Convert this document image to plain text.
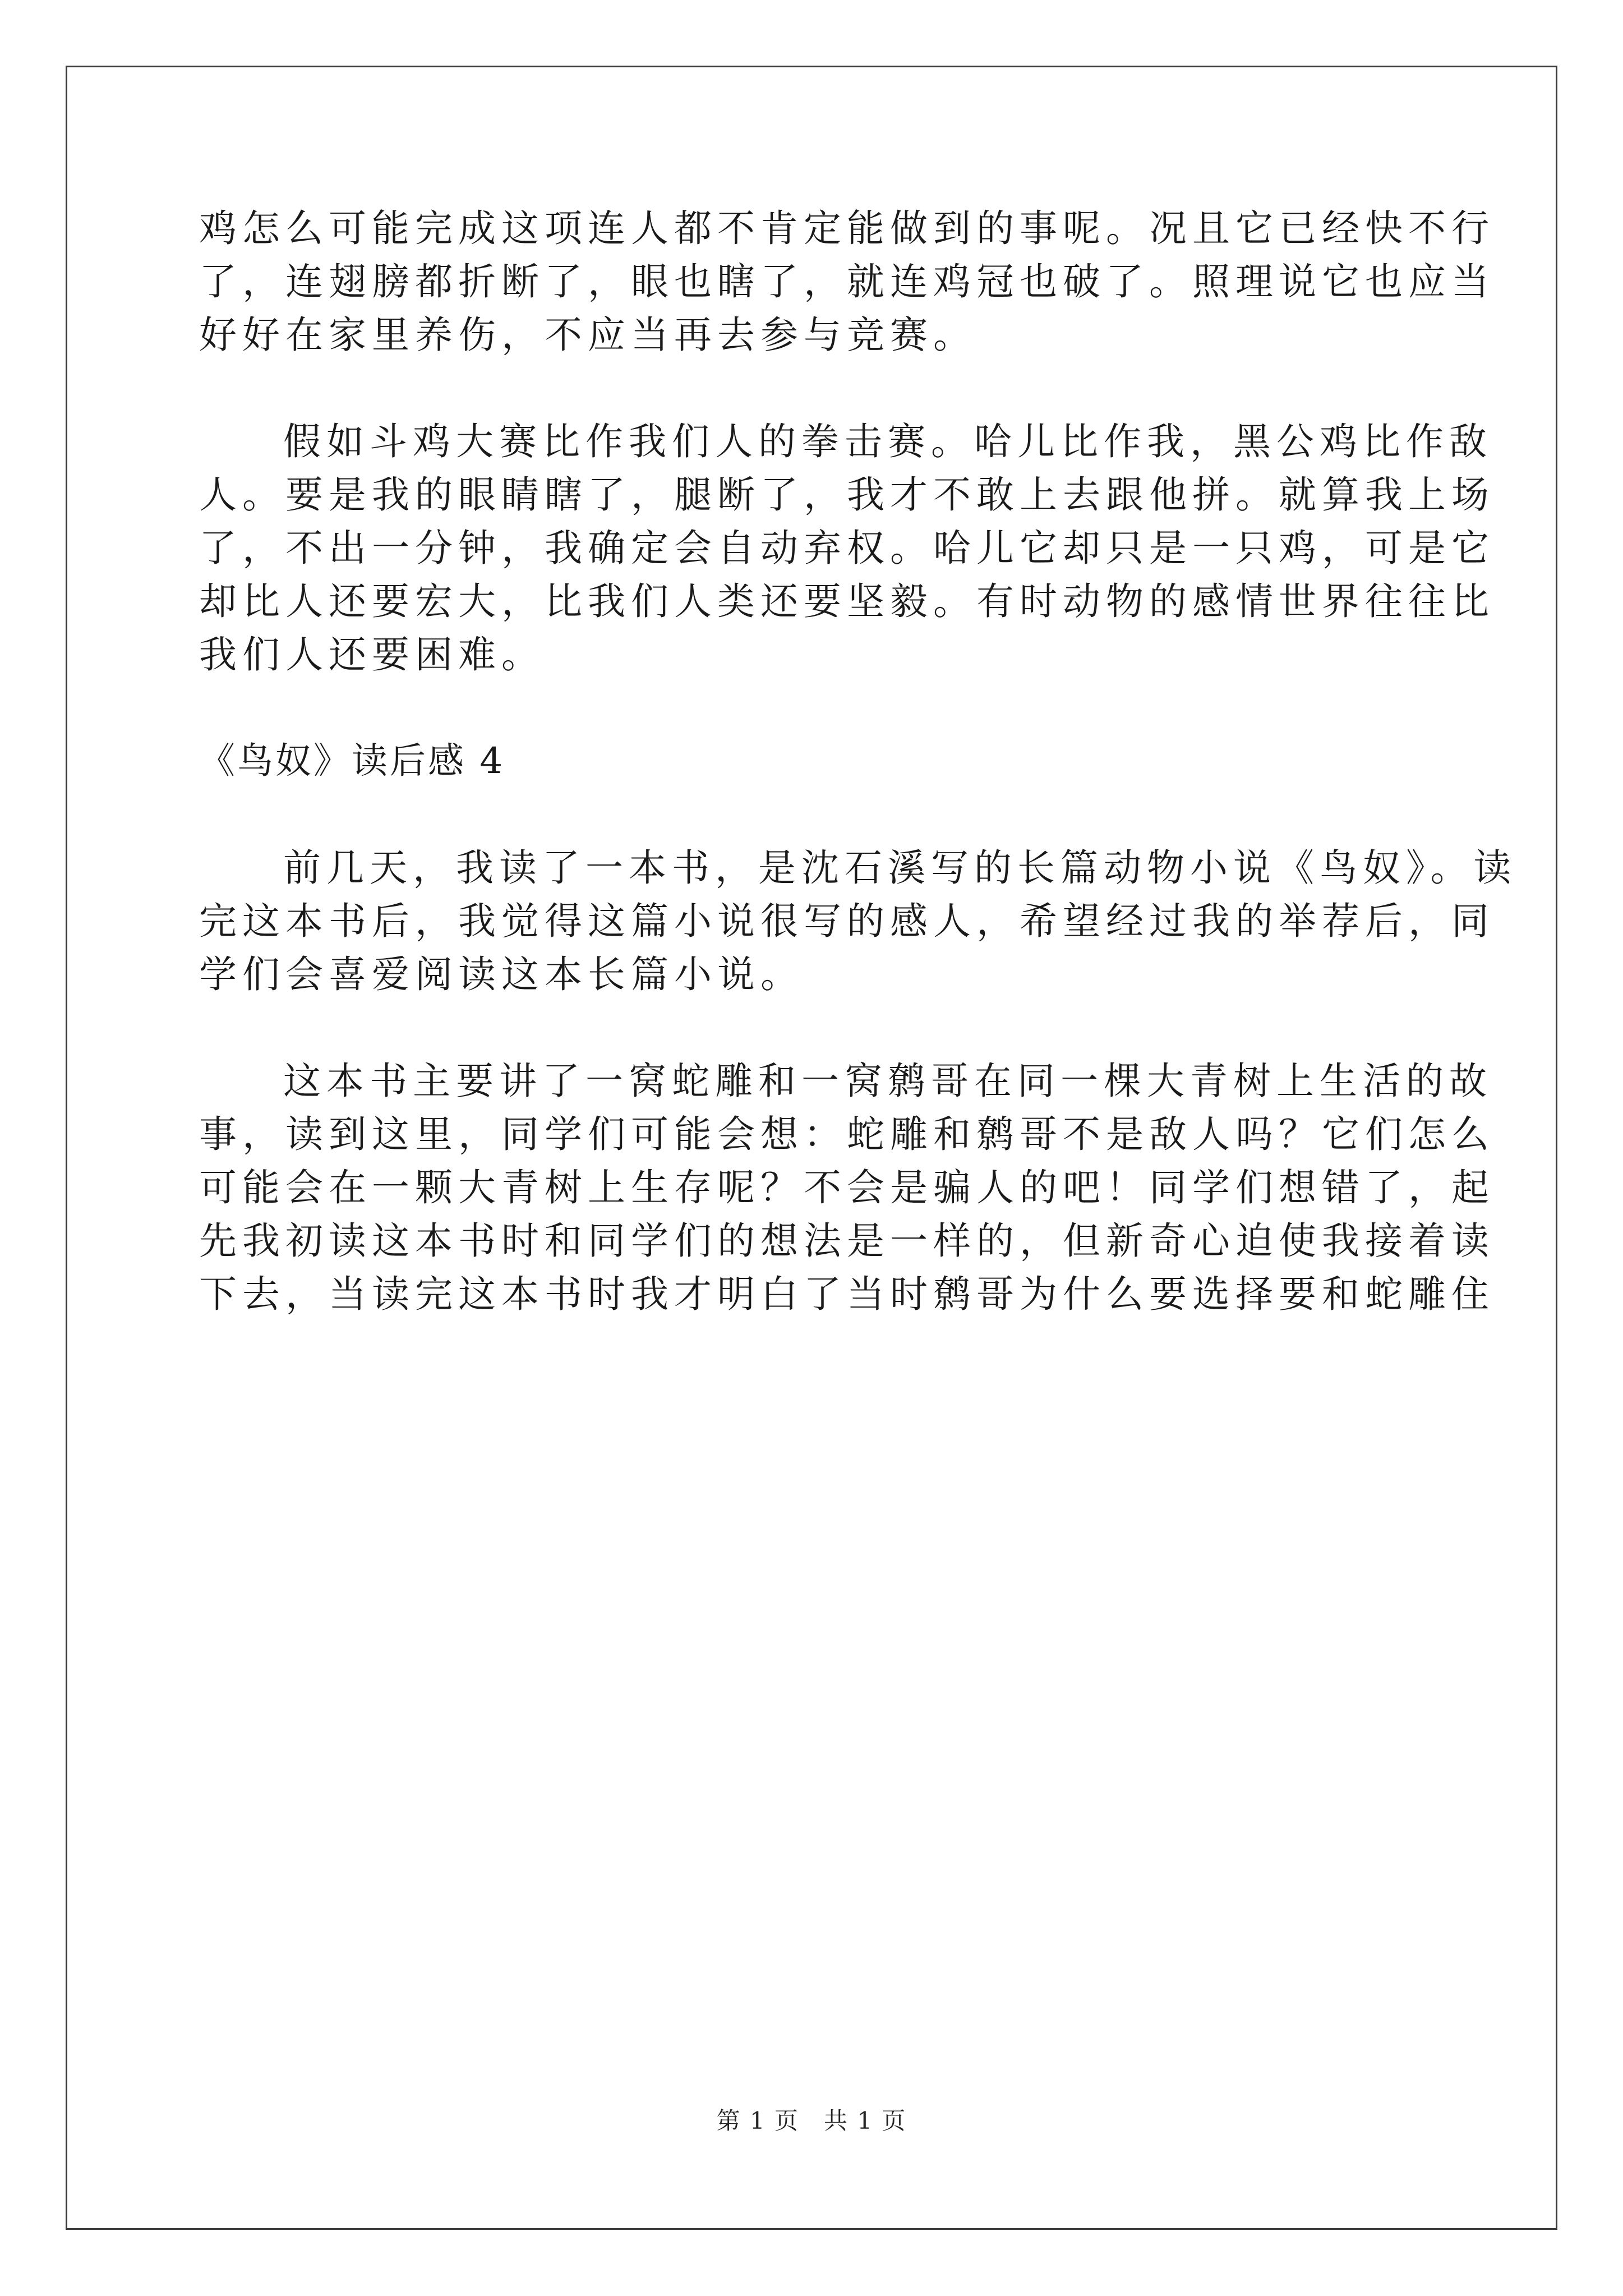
鸡怎么可能完成这项连人都不肯定能做到的事呢。况且它已经快不行
了，连翅膀都折断了，眼也瞎了，就连鸡冠也破了。照理说它也应当
好好在家里养伤，不应当再去参与竞赛。
假如斗鸡大赛比作我们人的拳击赛。哈儿比作我，黑公鸡比作敌
人。要是我的眼睛瞎了，腿断了，我才不敢上去跟他拼。就算我上场
了，不出一分钟，我确定会自动弃权。哈儿它却只是一只鸡，可是它
却比人还要宏大，比我们人类还要坚毅。有时动物的感情世界往往比
我们人还要困难。
《鸟奴》读后感 4
前几天，我读了一本书，是沈石溪写的长篇动物小说《鸟奴》。读
完这本书后，我觉得这篇小说很写的感人，希望经过我的举荐后，同
学们会喜爱阅读这本长篇小说。
这本书主要讲了一窝蛇雕和一窝鹩哥在同一棵大青树上生活的故
事，读到这里，同学们可能会想：蛇雕和鹩哥不是敌人吗？它们怎么
可能会在一颗大青树上生存呢？不会是骗人的吧！同学们想错了，起
先我初读这本书时和同学们的想法是一样的，但新奇心迫使我接着读
下去，当读完这本书时我才明白了当时鹩哥为什么要选择要和蛇雕住
第 1 页　共 1 页
